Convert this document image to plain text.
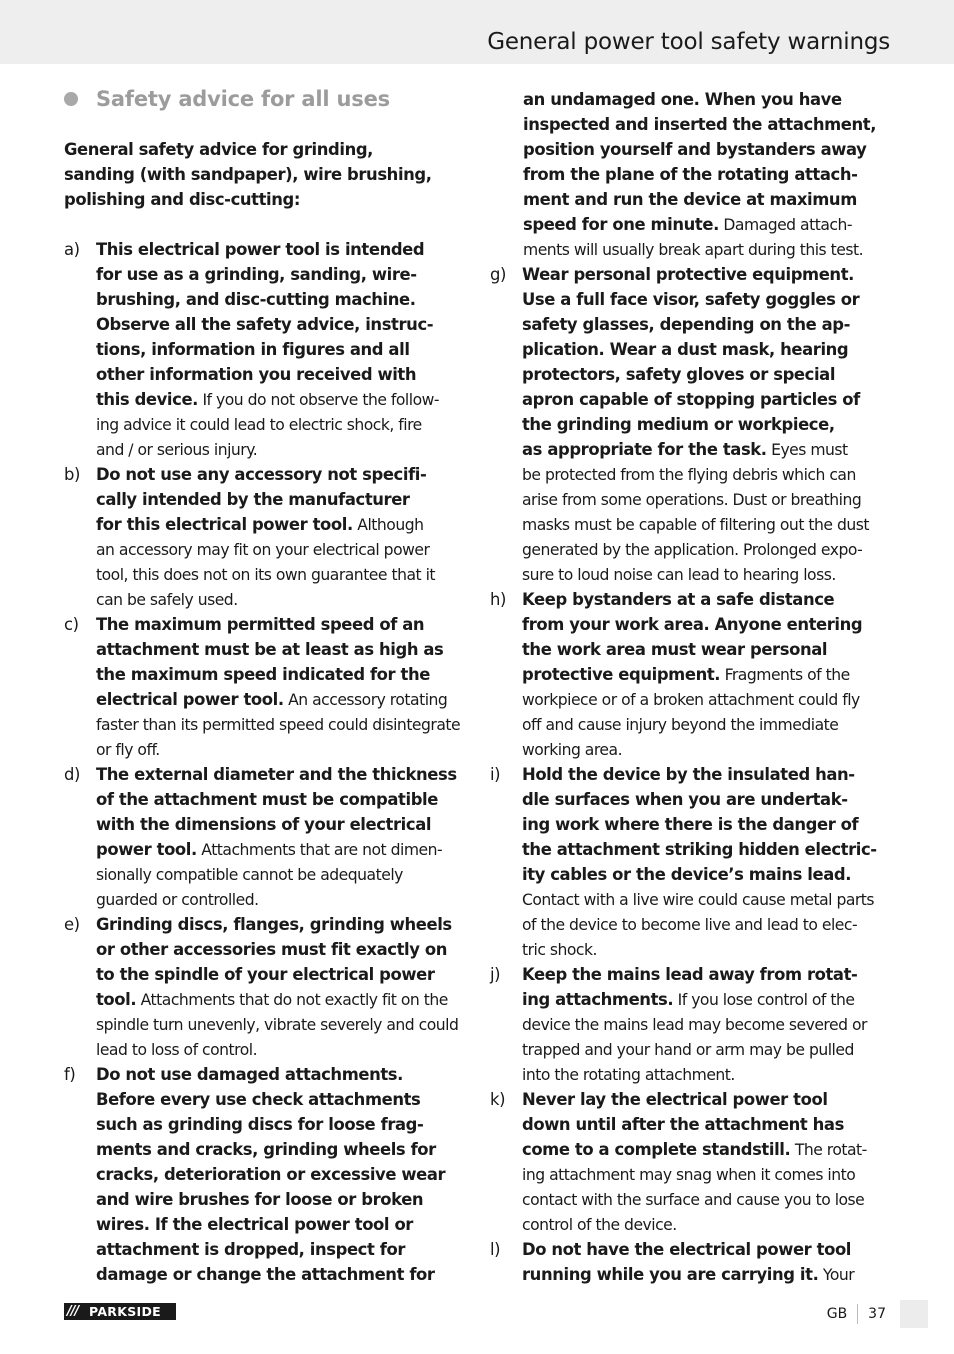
General power tool safety warnings
Safety advice for all uses
General safety advice for grinding,
sanding (with sandpaper), wire brushing,
polishing and disc-cutting:
a) This electrical power tool is intended
for use as a grinding, sanding, wire-
brushing, and disc-cutting machine.
Observe all the safety advice, instruc-
tions, information in figures and all
other information you received with
this device. If you do not observe the follow-
ing advice it could lead to electric shock, fire
and / or serious injury.
b) Do not use any accessory not specifi-
cally intended by the manufacturer
for this electrical power tool. Although
an accessory may fit on your electrical power
tool, this does not on its own guarantee that it
can be safely used.
c)	The maximum permitted speed of an
attachment must be at least as high as
the maximum speed indicated for the
electrical power tool. An accessory rotating
faster than its permitted speed could disintegrate
or fly off.
d) The external diameter and the thickness
of the attachment must be compatible
with the dimensions of your electrical
power tool. Attachments that are not dimen-
sionally compatible cannot be adequately
guarded or controlled.
e) Grinding discs, flanges, grinding wheels
or other accessories must fit exactly on
to the spindle of your electrical power
tool. Attachments that do not exactly fit on the
spindle turn unevenly, vibrate severely and could
lead to loss of control.
f)	Do not use damaged attachments.
Before every use check attachments
such as grinding discs for loose frag-
ments and cracks, grinding wheels for
cracks, deterioration or excessive wear
and wire brushes for loose or broken
wires. If the electrical power tool or
attachment is dropped, inspect for
damage or change the attachment for
an undamaged one. When you have
inspected and inserted the attachment,
position yourself and bystanders away
from the plane of the rotating attach-
ment and run the device at maximum
speed for one minute. Damaged attach-
ments will usually break apart during this test.
g) Wear personal protective equipment.
Use a full face visor, safety goggles or
safety glasses, depending on the ap-
plication. Wear a dust mask, hearing
protectors, safety gloves or special
apron capable of stopping particles of
the grinding medium or workpiece,
as appropriate for the task. Eyes must
be protected from the flying debris which can
arise from some operations. Dust or breathing
masks must be capable of filtering out the dust
generated by the application. Prolonged expo-
sure to loud noise can lead to hearing loss.
h) Keep bystanders at a safe distance
from your work area. Anyone entering
the work area must wear personal
protective equipment. Fragments of the
workpiece or of a broken attachment could fly
off and cause injury beyond the immediate
working area.
i)	Hold the device by the insulated han-
dle surfaces when you are undertak-
ing work where there is the danger of
the attachment striking hidden electric-
ity cables or the device’s mains lead.
Contact with a live wire could cause metal parts
of the device to become live and lead to elec-
tric shock.
j)	Keep the mains lead away from rotat-
ing attachments. If you lose control of the
device the mains lead may become severed or
trapped and your hand or arm may be pulled
into the rotating attachment.
k)	Never lay the electrical power tool
down until after the attachment has
come to a complete standstill. The rotat-
ing attachment may snag when it comes into
contact with the surface and cause you to lose
control of the device.
l)	Do not have the electrical power tool
running while you are carrying it. Your
/// PARKSIDE	GB 37
